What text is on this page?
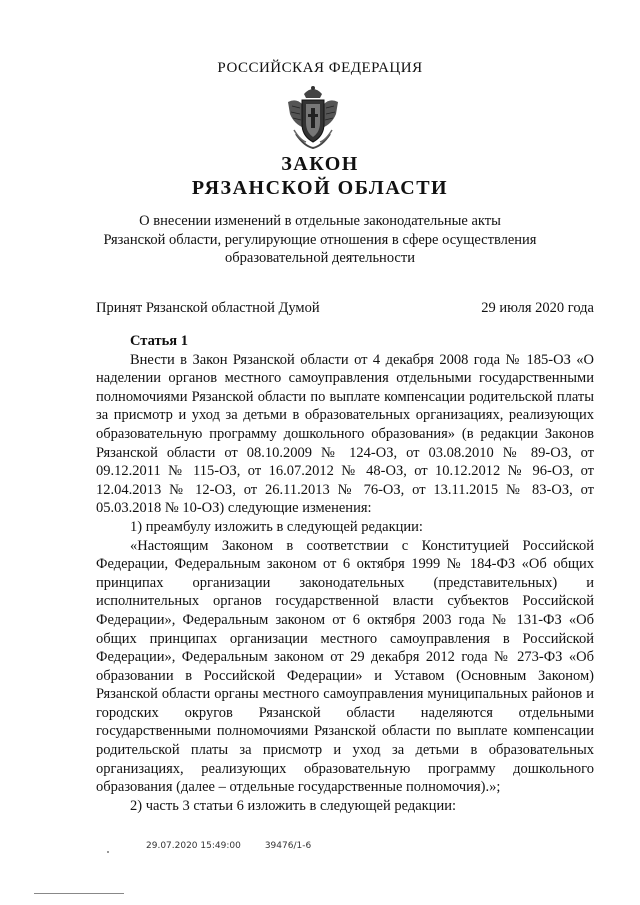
РОССИЙСКАЯ ФЕДЕРАЦИЯ
ЗАКОН
РЯЗАНСКОЙ ОБЛАСТИ
О внесении изменений в отдельные законодательные акты
Рязанской области, регулирующие отношения в сфере осуществления
образовательной деятельности
Принят Рязанской областной Думой	29 июля 2020 года

Статья 1

Внести в Закон Рязанской области от 4 декабря 2008 года № 185-ОЗ «О наделении органов местного самоуправления отдельными государственными полномочиями Рязанской области по выплате компенсации родительской платы за присмотр и уход за детьми в образовательных организациях, реализующих образовательную программу дошкольного образования» (в редакции Законов Рязанской области от 08.10.2009 № 124-ОЗ, от 03.08.2010 № 89-ОЗ, от 09.12.2011 № 115-ОЗ, от 16.07.2012 № 48-ОЗ, от 10.12.2012 № 96-ОЗ, от 12.04.2013 № 12-ОЗ, от 26.11.2013 № 76-ОЗ, от 13.11.2015 № 83-ОЗ, от 05.03.2018 № 10-ОЗ) следующие изменения:

1) преамбулу изложить в следующей редакции:

«Настоящим Законом в соответствии с Конституцией Российской Федерации, Федеральным законом от 6 октября 1999 № 184-ФЗ «Об общих принципах организации законодательных (представительных) и исполнительных органов государственной власти субъектов Российской Федерации», Федеральным законом от 6 октября 2003 года № 131-ФЗ «Об общих принципах организации местного самоуправления в Российской Федерации», Федеральным законом от 29 декабря 2012 года № 273-ФЗ «Об образовании в Российской Федерации» и Уставом (Основным Законом) Рязанской области органы местного самоуправления муниципальных районов и городских округов Рязанской области наделяются отдельными государственными полномочиями Рязанской области по выплате компенсации родительской платы за присмотр и уход за детьми в образовательных организациях, реализующих образовательную программу дошкольного образования (далее – отдельные государственные полномочия).»;

2) часть 3 статьи 6 изложить в следующей редакции:

29.07.2020 15:49:00	39476/1-6
